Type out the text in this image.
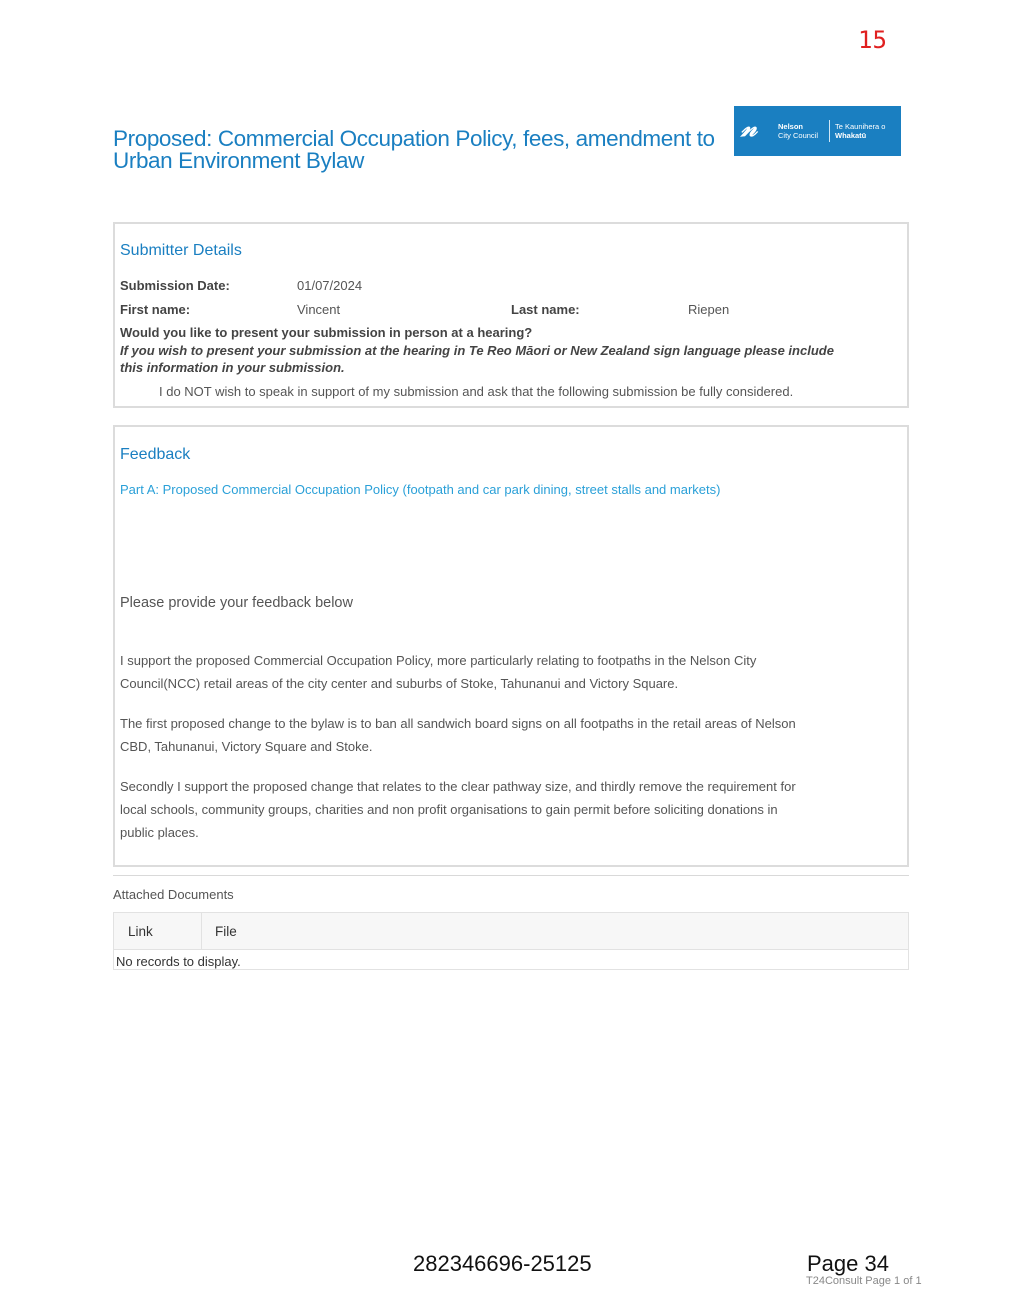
15
Proposed: Commercial Occupation Policy, fees, amendment to
Urban Environment Bylaw
𝓃	Nelson
City Council
Te Kaunihera o
Whakatū
Submitter Details
Submission Date:	01/07/2024
First name:	Vincent	Last name:	Riepen
Would you like to present your submission in person at a hearing?
If you wish to present your submission at the hearing in Te Reo Māori or New Zealand sign language please include
this information in your submission.
I do NOT wish to speak in support of my submission and ask that the following submission be fully considered.
Feedback
Part A: Proposed Commercial Occupation Policy (footpath and car park dining, street stalls and markets)
Please provide your feedback below
I support the proposed Commercial Occupation Policy, more particularly relating to footpaths in the Nelson City
Council(NCC) retail areas of the city center and suburbs of Stoke, Tahunanui and Victory Square.
The first proposed change to the bylaw is to ban all sandwich board signs on all footpaths in the retail areas of Nelson
CBD, Tahunanui, Victory Square and Stoke.
Secondly I support the proposed change that relates to the clear pathway size, and thirdly remove the requirement for
local schools, community groups, charities and non profit organisations to gain permit before soliciting donations in
public places.
Attached Documents
Link	File
No records to display.
282346696-25125	Page 34
T24Consult Page 1 of 1
